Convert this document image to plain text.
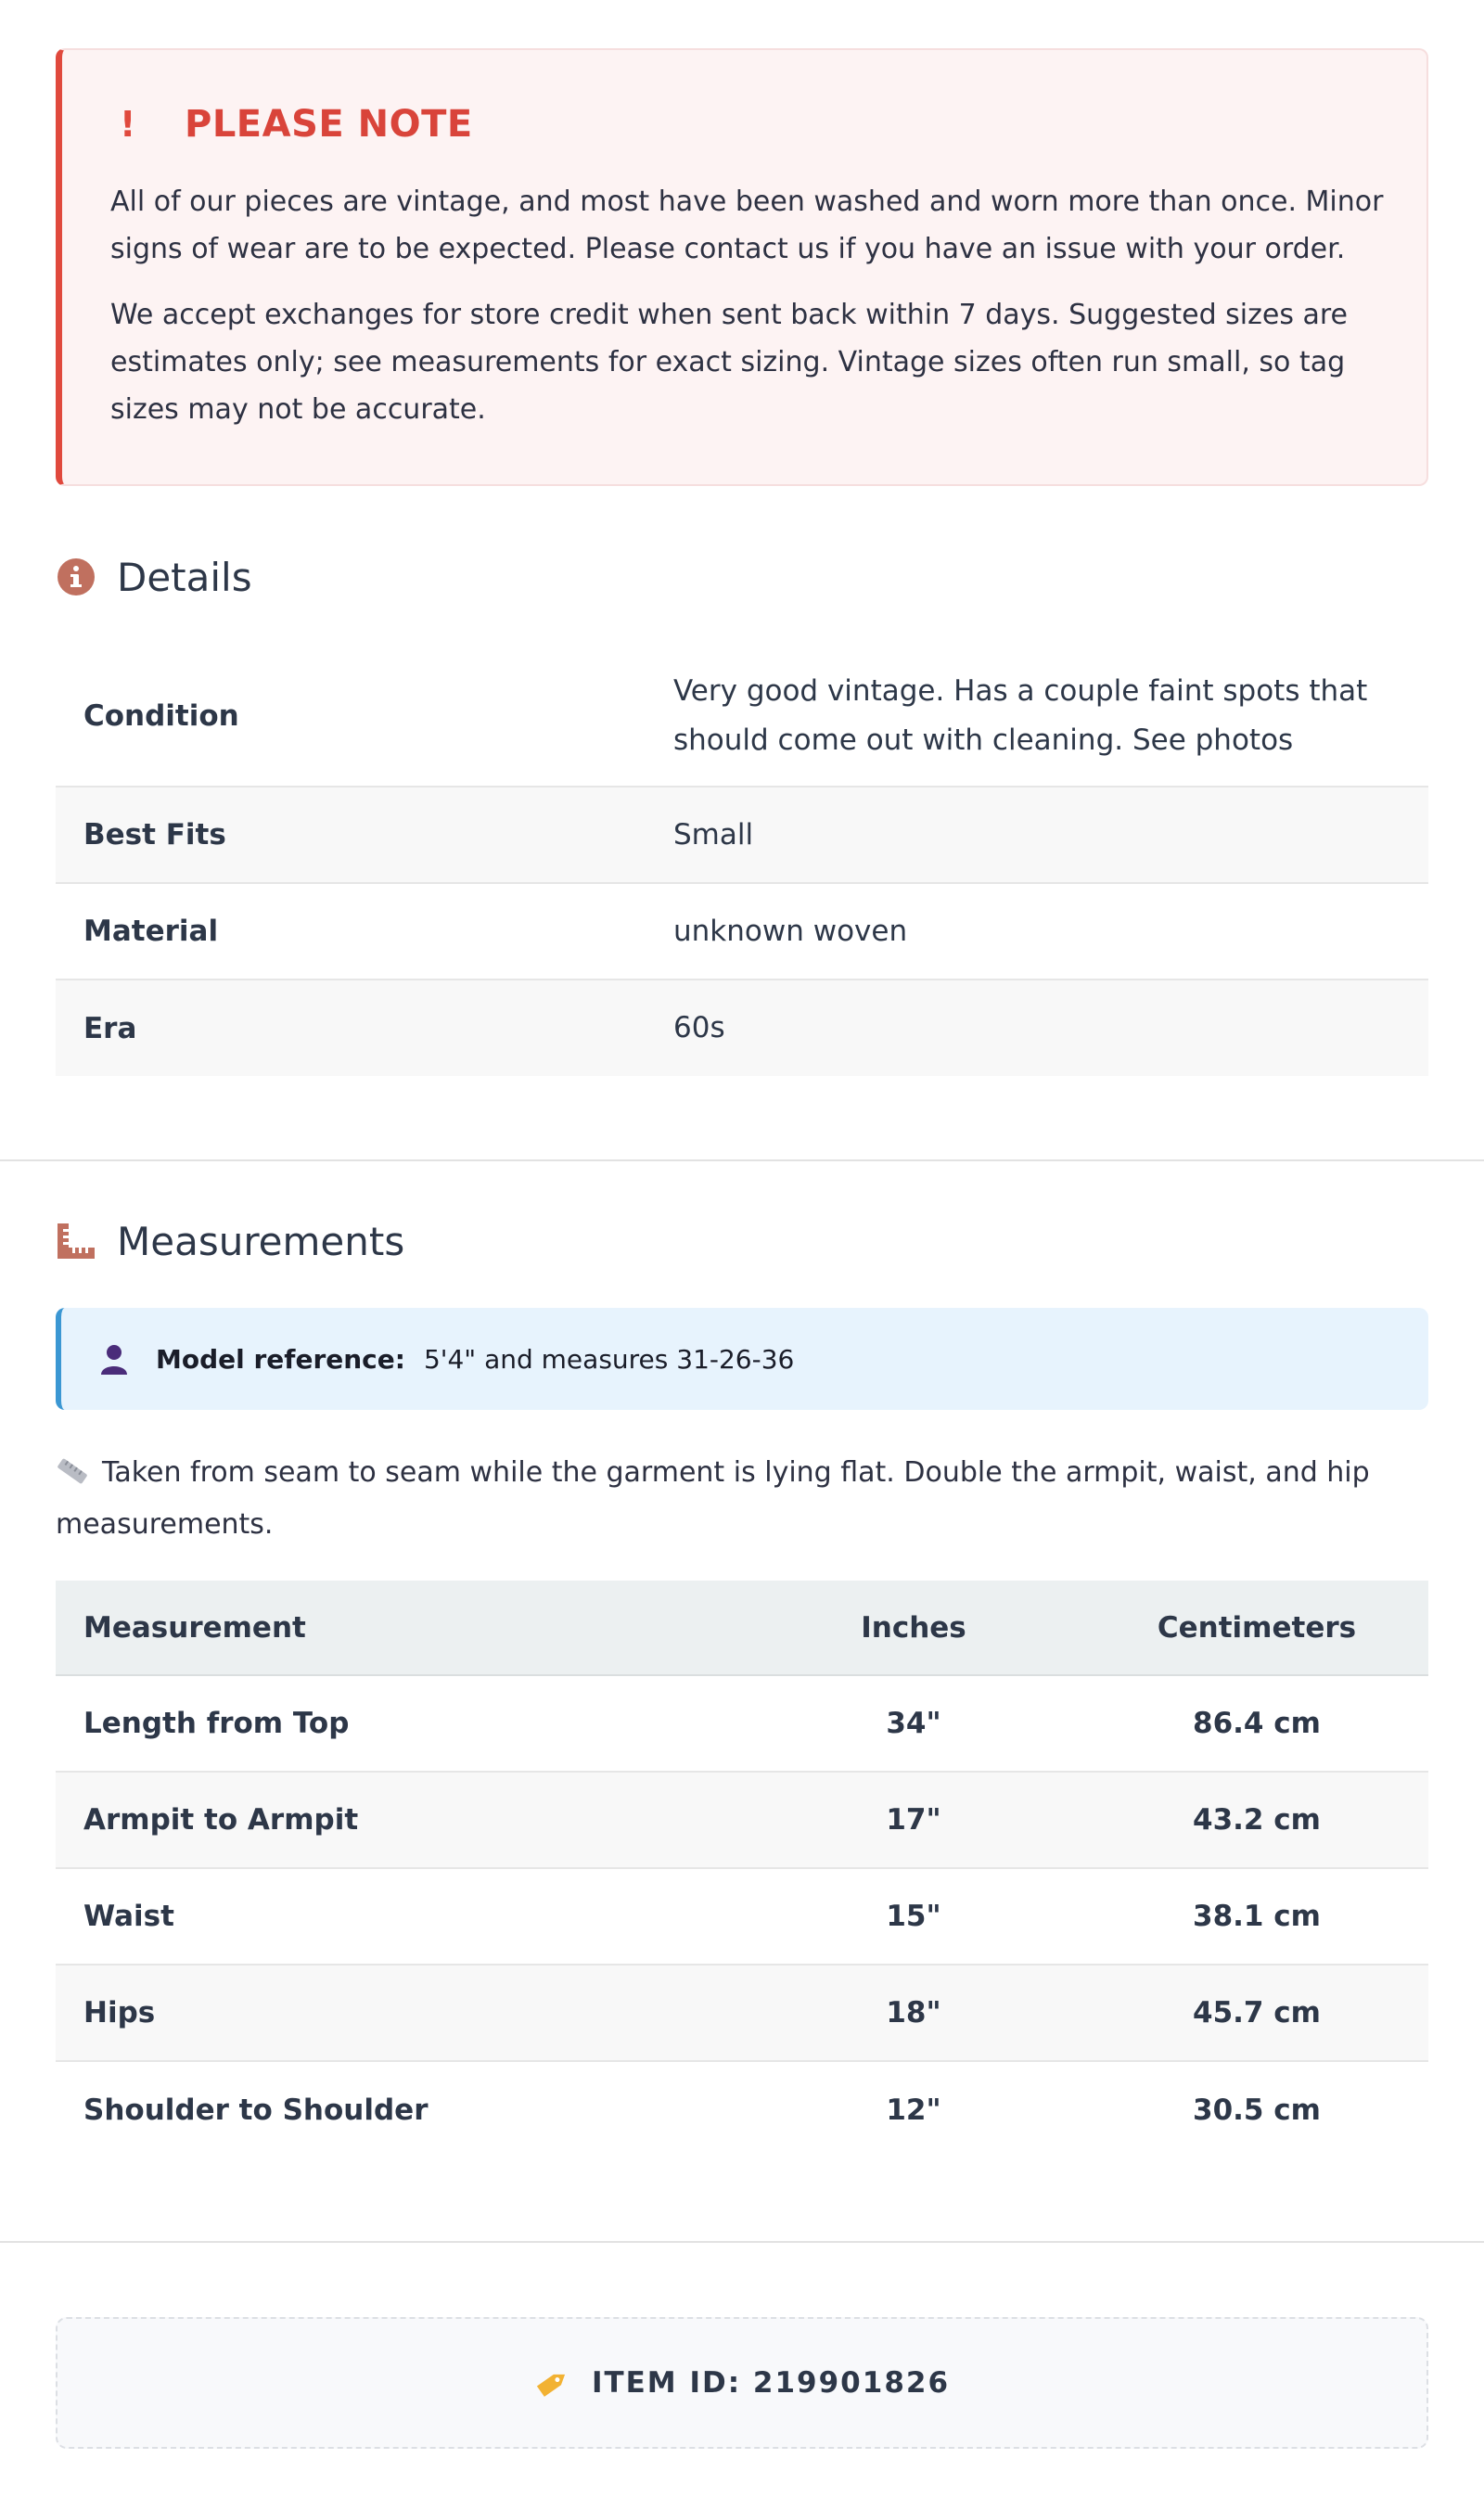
!	PLEASE NOTE

All of our pieces are vintage, and most have been washed and worn more than once. Minor signs of wear are to be expected. Please contact us if you have an issue with your order.

We accept exchanges for store credit when sent back within 7 days. Suggested sizes are estimates only; see measurements for exact sizing. Vintage sizes often run small, so tag sizes may not be accurate.

Details
Condition	Very good vintage. Has a couple faint spots that should come out with cleaning. See photos
Best Fits	Small
Material	unknown woven
Era	60s
Measurements
Model reference: 5'4" and measures 31-26-36
Taken from seam to seam while the garment is lying flat. Double the armpit, waist, and hip measurements.
Measurement	Inches	Centimeters
Length from Top	34"	86.4 cm
Armpit to Armpit	17"	43.2 cm
Waist	15"	38.1 cm
Hips	18"	45.7 cm
Shoulder to Shoulder	12"	30.5 cm
ITEM ID: 219901826
